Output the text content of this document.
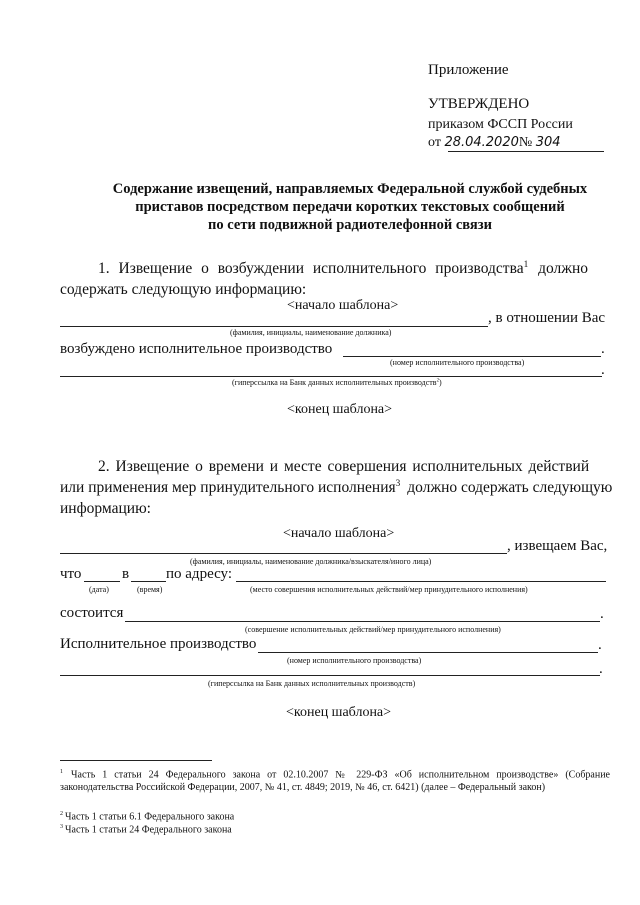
Приложение
УТВЕРЖДЕНО
приказом ФССП России
от 28.04.2020№ 304
Содержание извещений, направляемых Федеральной службой судебных
приставов посредством передачи коротких текстовых сообщений
по сети подвижной радиотелефонной связи
1. Извещение о возбуждении исполнительного производства$^1$ должно
содержать следующую информацию:
<начало шаблона>
, в отношении Вас
(фамилия, инициалы, наименование должника)
возбуждено исполнительное производство	.
(номер исполнительного производства)	.
(гиперссылка на Банк данных исполнительных производств$^2$)
<конец шаблона>
2. Извещение о времени и месте совершения исполнительных действий
или применения мер принудительного исполнения$^3$ должно содержать следующую
информацию:
<начало шаблона>
, извещаем Вас,
(фамилия, инициалы, наименование должника/взыскателя/иного лица)
что	в по адресу:
(дата)	(время)	(место совершения исполнительных действий/мер принудительного исполнения)
состоится	.
(совершение исполнительных действий/мер принудительного исполнения)
Исполнительное производство	.
(номер исполнительного производства)
.
(гиперссылка на Банк данных исполнительных производств)
<конец шаблона>
$^1$ Часть 1 статьи 24 Федерального закона от 02.10.2007 № 229-ФЗ «Об исполнительном производстве» (Собрание законодательства Российской Федерации, 2007, № 41, ст. 4849; 2019, № 46, ст. 6421) (далее – Федеральный закон)
$^2$ Часть 1 статьи 6.1 Федерального закона
$^3$ Часть 1 статьи 24 Федерального закона
